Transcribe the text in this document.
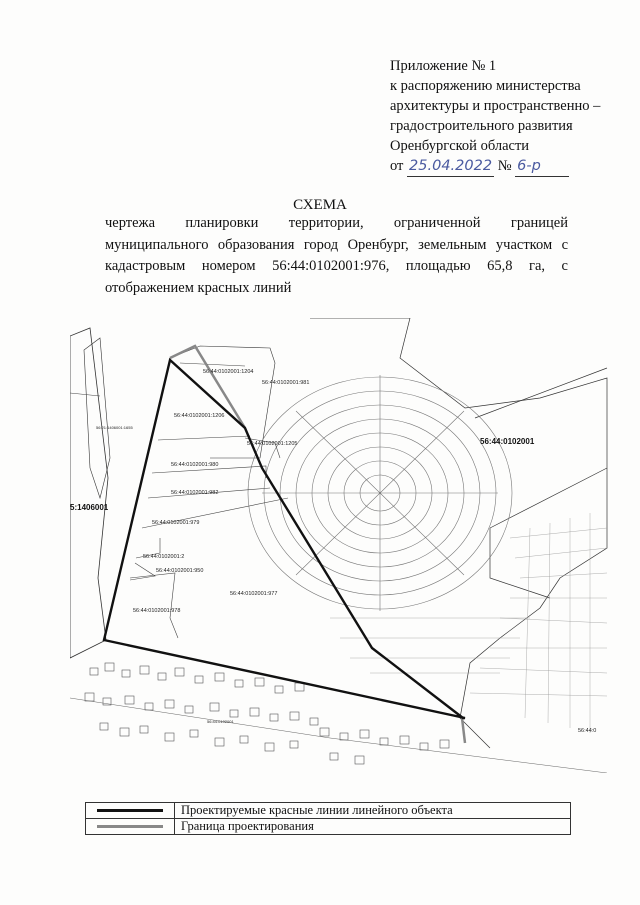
Приложение № 1
к распоряжению министерства
архитектуры и пространственно –
градостроительного развития
Оренбургской области
от 25.04.2022 № 6-р
СХЕМА
чертежа планировки территории, ограниченной границей муниципального образования город Оренбург, земельным участком с кадастровым номером 56:44:0102001:976, площадью 65,8 га, с отображением красных линий
56:44:0102001:1204
56:44:0102001:981
56:44:0102001:1206
56:44:0102001:1205
56:44:0102001:980
56:44:0102001:982
56:44:0102001:979
56:44:0102001:2
56:44:0102001:950
56:44:0102001:977
56:44:0102001:978
56:44:0102001
5:1406001
56:44:0
56:21:1406001:1655
56:44:0102001
	Проектируемые красные линии линейного объекта

	Граница проектирования
